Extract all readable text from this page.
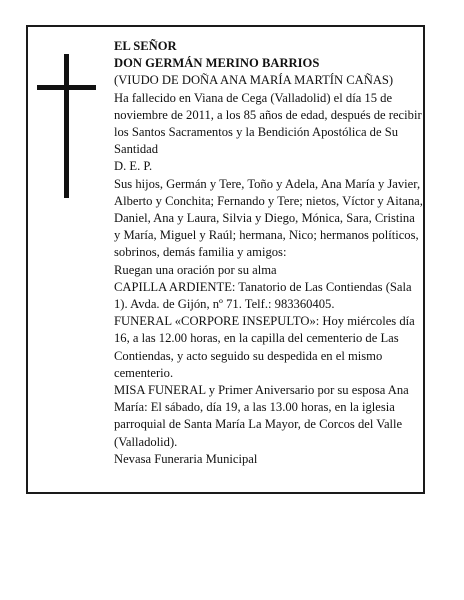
EL SEÑOR

DON GERMÁN MERINO BARRIOS

(VIUDO DE DOÑA ANA MARÍA MARTÍN CAÑAS)

Ha fallecido en Viana de Cega (Valladolid) el día 15 de noviembre de 2011, a los 85 años de edad, después de recibir los Santos Sacramentos y la Bendición Apostólica de Su Santidad

D. E. P.

Sus hijos, Germán y Tere, Toño y Adela, Ana María y Javier, Alberto y Conchita; Fernando y Tere; nietos, Víctor y Aitana, Daniel, Ana y Laura, Silvia y Diego, Mónica, Sara, Cristina y María, Miguel y Raúl; hermana, Nico; hermanos políticos, sobrinos, demás familia y amigos:

Ruegan una oración por su alma

CAPILLA ARDIENTE: Tanatorio de Las Contiendas (Sala 1). Avda. de Gijón, nº 71. Telf.: 983360405.

FUNERAL «CORPORE INSEPULTO»: Hoy miércoles día 16, a las 12.00 horas, en la capilla del cementerio de Las Contiendas, y acto seguido su despedida en el mismo cementerio.

MISA FUNERAL y Primer Aniversario por su esposa Ana María: El sábado, día 19, a las 13.00 horas, en la iglesia parroquial de Santa María La Mayor, de Corcos del Valle (Valladolid).

Nevasa Funeraria Municipal
